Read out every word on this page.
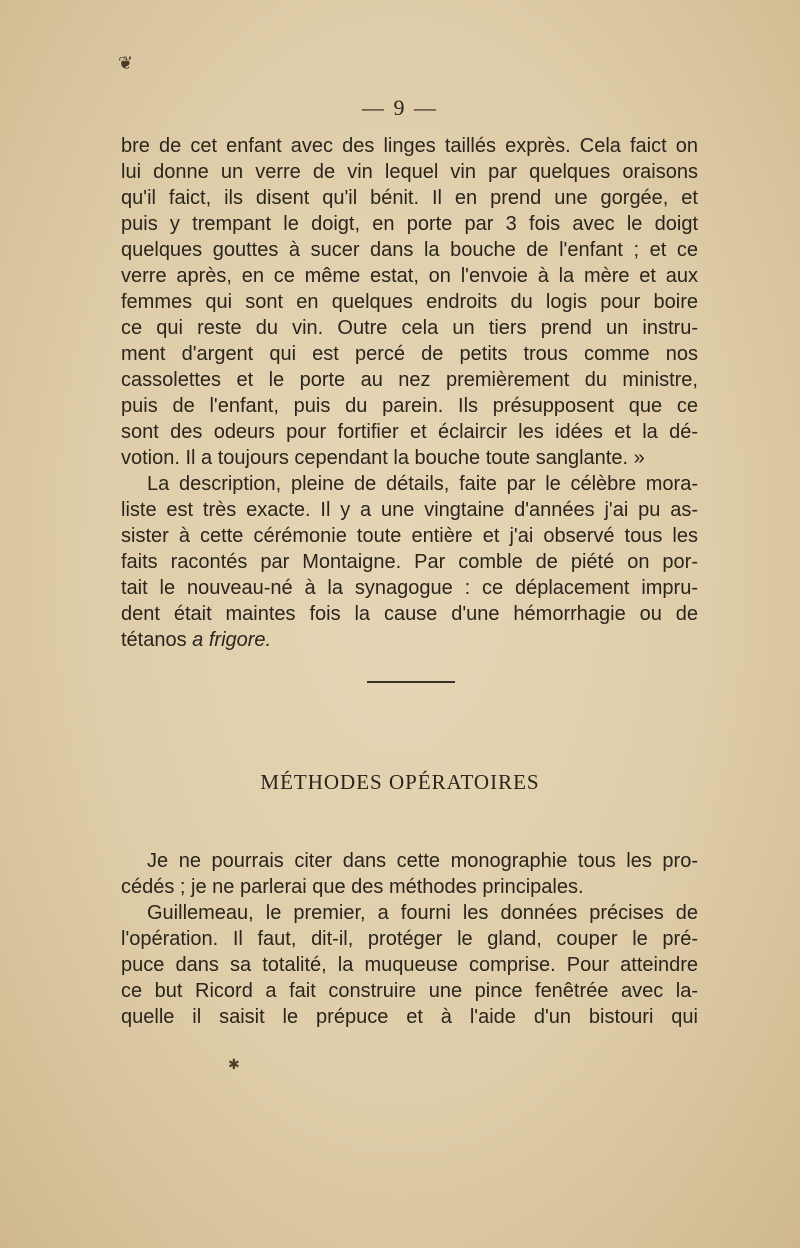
❦
— 9 —
bre de cet enfant avec des linges taillés exprès. Cela faict on
lui donne un verre de vin lequel vin par quelques oraisons
qu'il faict, ils disent qu'il bénit. Il en prend une gorgée, et
puis y trempant le doigt, en porte par 3 fois avec le doigt
quelques gouttes à sucer dans la bouche de l'enfant ; et ce
verre après, en ce même estat, on l'envoie à la mère et aux
femmes qui sont en quelques endroits du logis pour boire
ce qui reste du vin. Outre cela un tiers prend un instru-
ment d'argent qui est percé de petits trous comme nos
cassolettes et le porte au nez premièrement du ministre,
puis de l'enfant, puis du parein. Ils présupposent que ce
sont des odeurs pour fortifier et éclaircir les idées et la dé-
votion. Il a toujours cependant la bouche toute sanglante. »
La description, pleine de détails, faite par le célèbre mora-
liste est très exacte. Il y a une vingtaine d'années j'ai pu as-
sister à cette cérémonie toute entière et j'ai observé tous les
faits racontés par Montaigne. Par comble de piété on por-
tait le nouveau-né à la synagogue : ce déplacement impru-
dent était maintes fois la cause d'une hémorrhagie ou de
tétanos a frigore.
MÉTHODES OPÉRATOIRES
Je ne pourrais citer dans cette monographie tous les pro-
cédés ; je ne parlerai que des méthodes principales.
Guillemeau, le premier, a fourni les données précises de
l'opération. Il faut, dit-il, protéger le gland, couper le pré-
puce dans sa totalité, la muqueuse comprise. Pour atteindre
ce but Ricord a fait construire une pince fenêtrée avec la-
quelle il saisit le prépuce et à l'aide d'un bistouri qui
✱
